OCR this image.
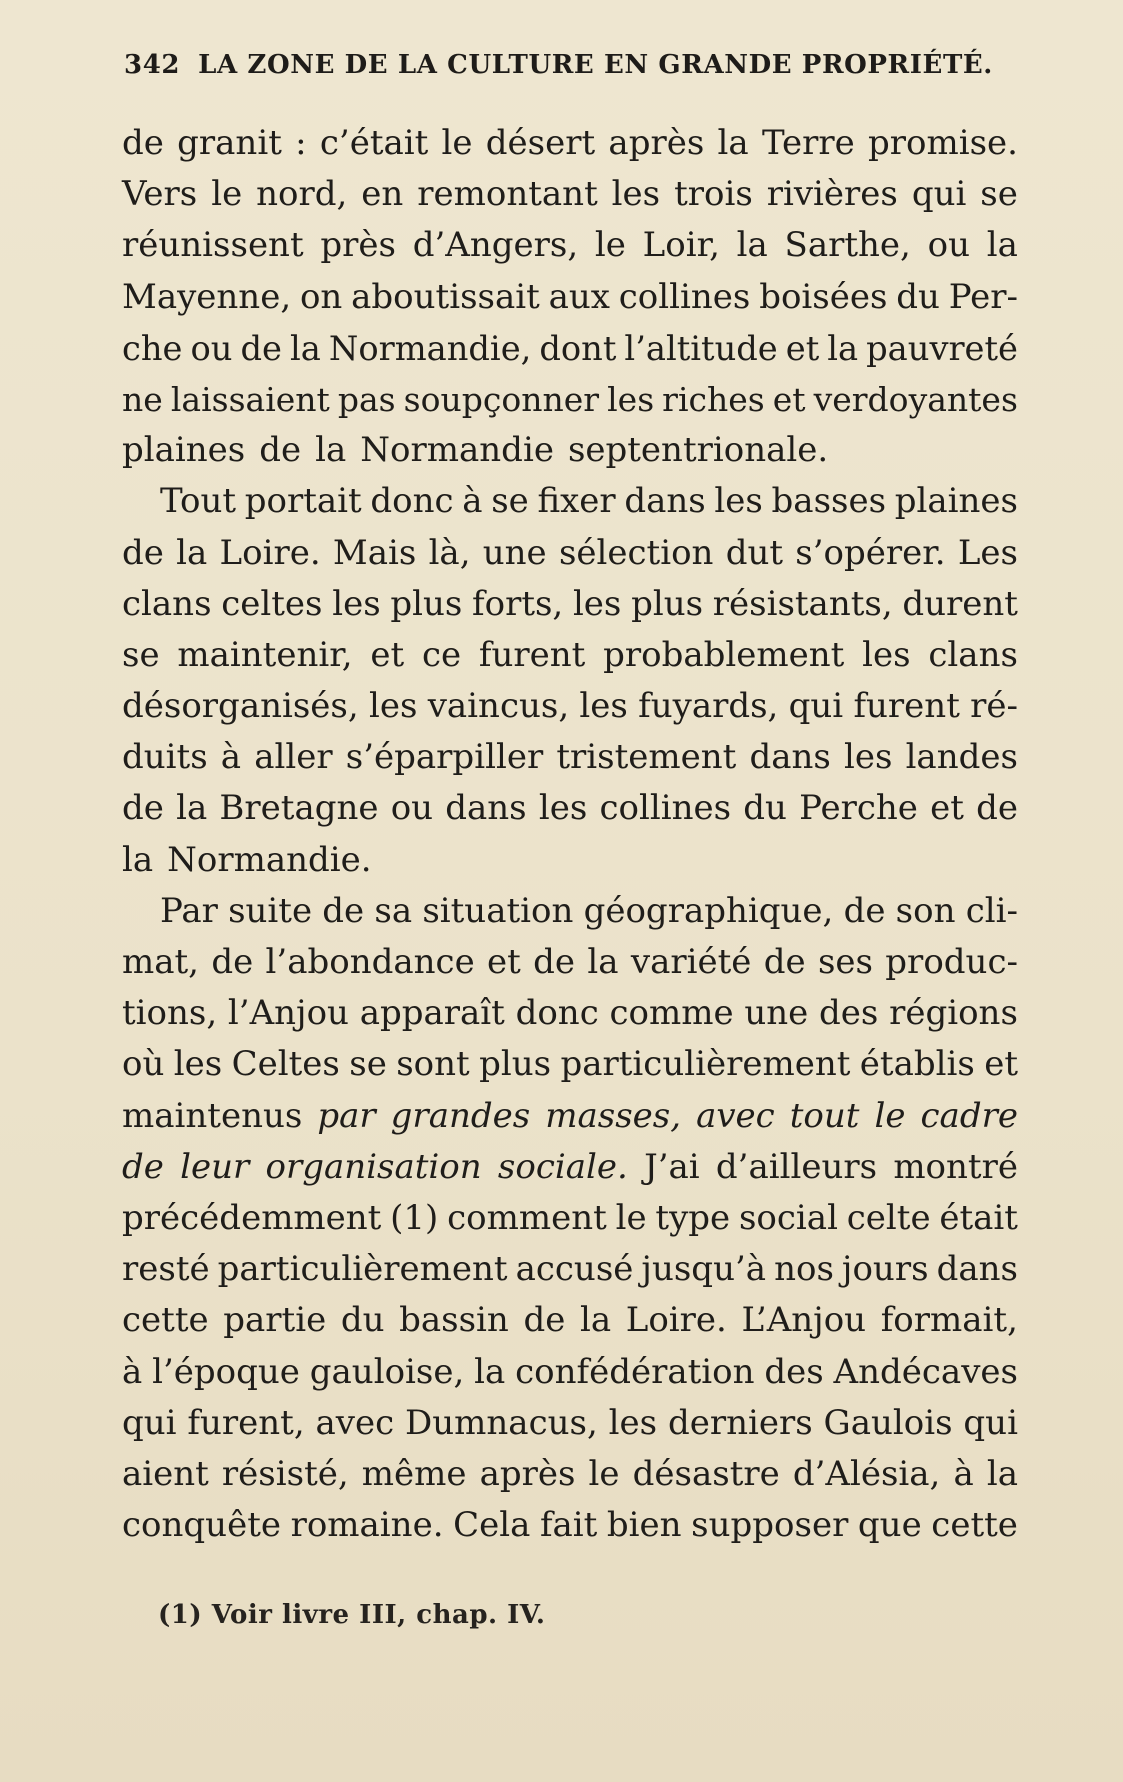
342 LA ZONE DE LA CULTURE EN GRANDE PROPRIÉTÉ.
de granit : c’était le désert après la Terre promise.
Vers le nord, en remontant les trois rivières qui se
réunissent près d’Angers, le Loir, la Sarthe, ou la
Mayenne, on aboutissait aux collines boisées du Per-
che ou de la Normandie, dont l’altitude et la pauvreté
ne laissaient pas soupçonner les riches et verdoyantes
plaines de la Normandie septentrionale.
Tout portait donc à se fixer dans les basses plaines
de la Loire. Mais là, une sélection dut s’opérer. Les
clans celtes les plus forts, les plus résistants, durent
se maintenir, et ce furent probablement les clans
désorganisés, les vaincus, les fuyards, qui furent ré-
duits à aller s’éparpiller tristement dans les landes
de la Bretagne ou dans les collines du Perche et de
la Normandie.
Par suite de sa situation géographique, de son cli-
mat, de l’abondance et de la variété de ses produc-
tions, l’Anjou apparaît donc comme une des régions
où les Celtes se sont plus particulièrement établis et
maintenus par grandes masses, avec tout le cadre
de leur organisation sociale. J’ai d’ailleurs montré
précédemment (1) comment le type social celte était
resté particulièrement accusé jusqu’à nos jours dans
cette partie du bassin de la Loire. L’Anjou formait,
à l’époque gauloise, la confédération des Andécaves
qui furent, avec Dumnacus, les derniers Gaulois qui
aient résisté, même après le désastre d’Alésia, à la
conquête romaine. Cela fait bien supposer que cette
(1) Voir livre III, chap. IV.
